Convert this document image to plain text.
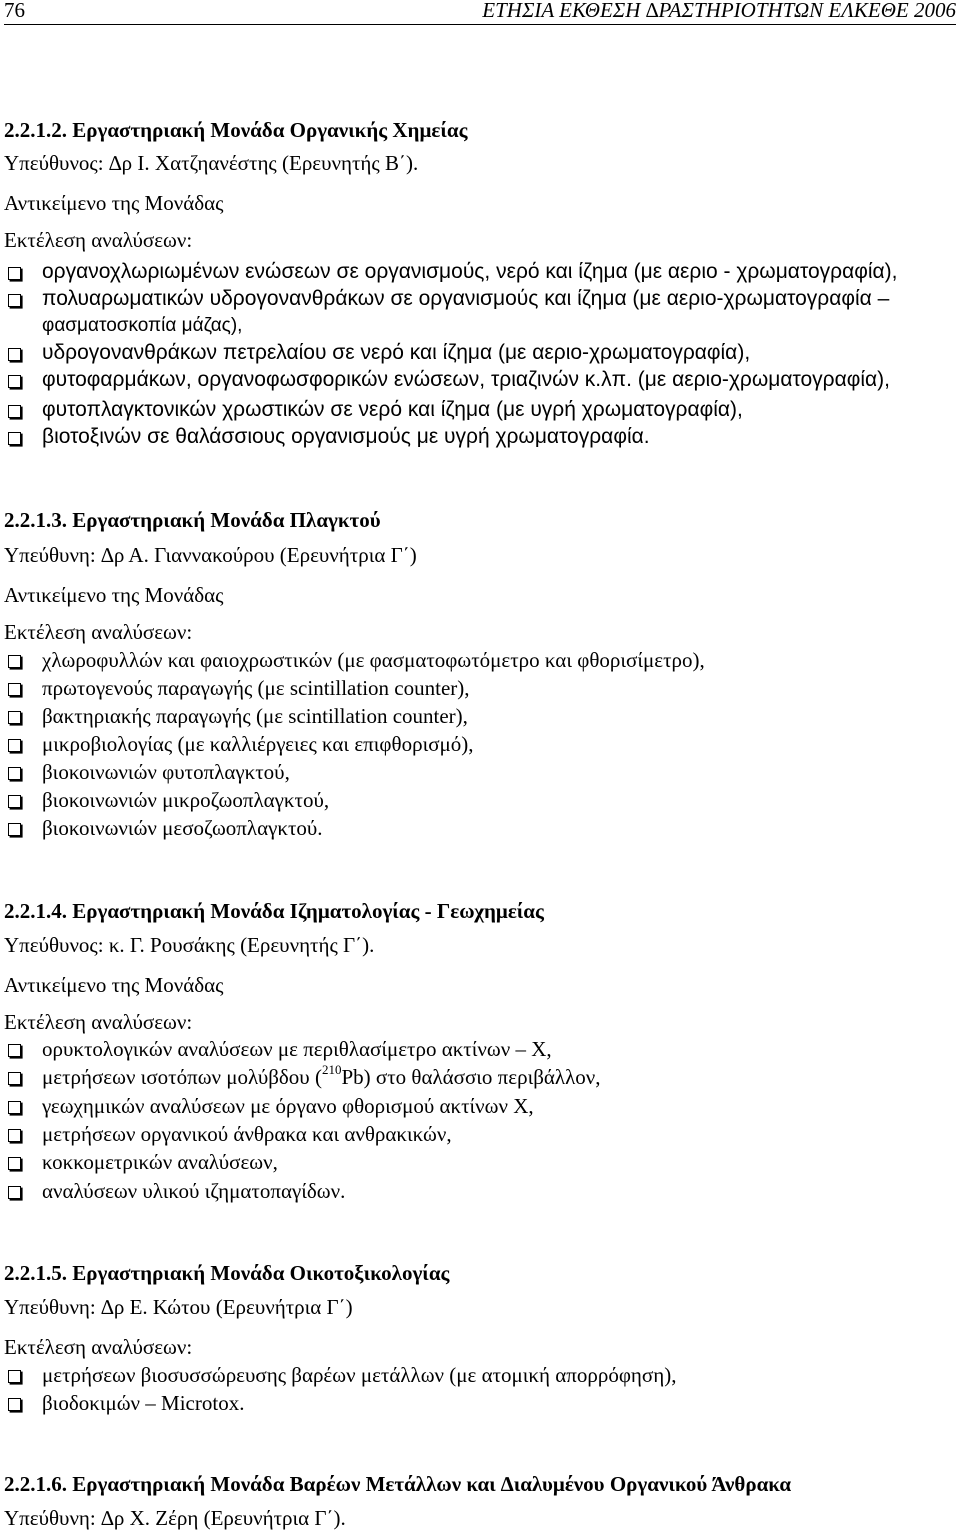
76	ΕΤΗΣΙΑ ΕΚΘΕΣΗ ∆ΡΑΣΤΗΡΙΟΤΗΤΩΝ ΕΛΚΕΘΕ 2006
2.2.1.2. Εργαστηριακή Μονάδα Οργανικής Χημείας
Υπεύθυνος: ∆ρ Ι. Χατζηανέστης (Ερευνητής Β΄).
Αντικείμενο της Μονάδας
Εκτέλεση αναλύσεων:
οργανοχλωριωμένων ενώσεων σε οργανισμούς, νερό και ίζημα (με αεριο - χρωματογραφία),
πολυαρωματικών υδρογονανθράκων σε οργανισμούς και ίζημα (με αεριο-χρωματογραφία –
φασματοσκοπία μάζας),
υδρογονανθράκων πετρελαίου σε νερό και ίζημα (με αεριο-χρωματογραφία),
φυτοφαρμάκων, οργανοφωσφορικών ενώσεων, τριαζινών κ.λπ. (με αεριο-χρωματογραφία),
φυτοπλαγκτονικών χρωστικών σε νερό και ίζημα (με υγρή χρωματογραφία),
βιοτοξινών σε θαλάσσιους οργανισμούς με υγρή χρωματογραφία.
2.2.1.3. Εργαστηριακή Μονάδα Πλαγκτού
Υπεύθυνη: ∆ρ Α. Γιαννακούρου (Ερευνήτρια Γ΄)
Αντικείμενο της Μονάδας
Εκτέλεση αναλύσεων:
χλωροφυλλών και φαιοχρωστικών (με φασματοφωτόμετρο και φθορισίμετρο),
πρωτογενούς παραγωγής (με scintillation counter),
βακτηριακής παραγωγής (με scintillation counter),
μικροβιολογίας (με καλλιέργειες και επιφθορισμό),
βιοκοινωνιών φυτοπλαγκτού,
βιοκοινωνιών μικροζωοπλαγκτού,
βιοκοινωνιών μεσοζωοπλαγκτού.
2.2.1.4. Εργαστηριακή Μονάδα Ιζηματολογίας - Γεωχημείας
Υπεύθυνος: κ. Γ. Ρουσάκης (Ερευνητής Γ΄).
Αντικείμενο της Μονάδας
Εκτέλεση αναλύσεων:
ορυκτολογικών αναλύσεων με περιθλασίμετρο ακτίνων – Χ,
μετρήσεων ισοτόπων μολύβδου ($^{210}$Pb) στο θαλάσσιο περιβάλλον,
γεωχημικών αναλύσεων με όργανο φθορισμού ακτίνων Χ,
μετρήσεων οργανικού άνθρακα και ανθρακικών,
κοκκομετρικών αναλύσεων,
αναλύσεων υλικού ιζηματοπαγίδων.
2.2.1.5. Εργαστηριακή Μονάδα Οικοτοξικολογίας
Υπεύθυνη: ∆ρ Ε. Κώτου (Ερευνήτρια Γ΄)
Εκτέλεση αναλύσεων:
μετρήσεων βιοσυσσώρευσης βαρέων μετάλλων (με ατομική απορρόφηση),
βιοδοκιμών – Microtox.
2.2.1.6. Εργαστηριακή Μονάδα Βαρέων Μετάλλων και ∆ιαλυμένου Οργανικού Άνθρακα
Υπεύθυνη: ∆ρ Χ. Ζέρη (Ερευνήτρια Γ΄).
